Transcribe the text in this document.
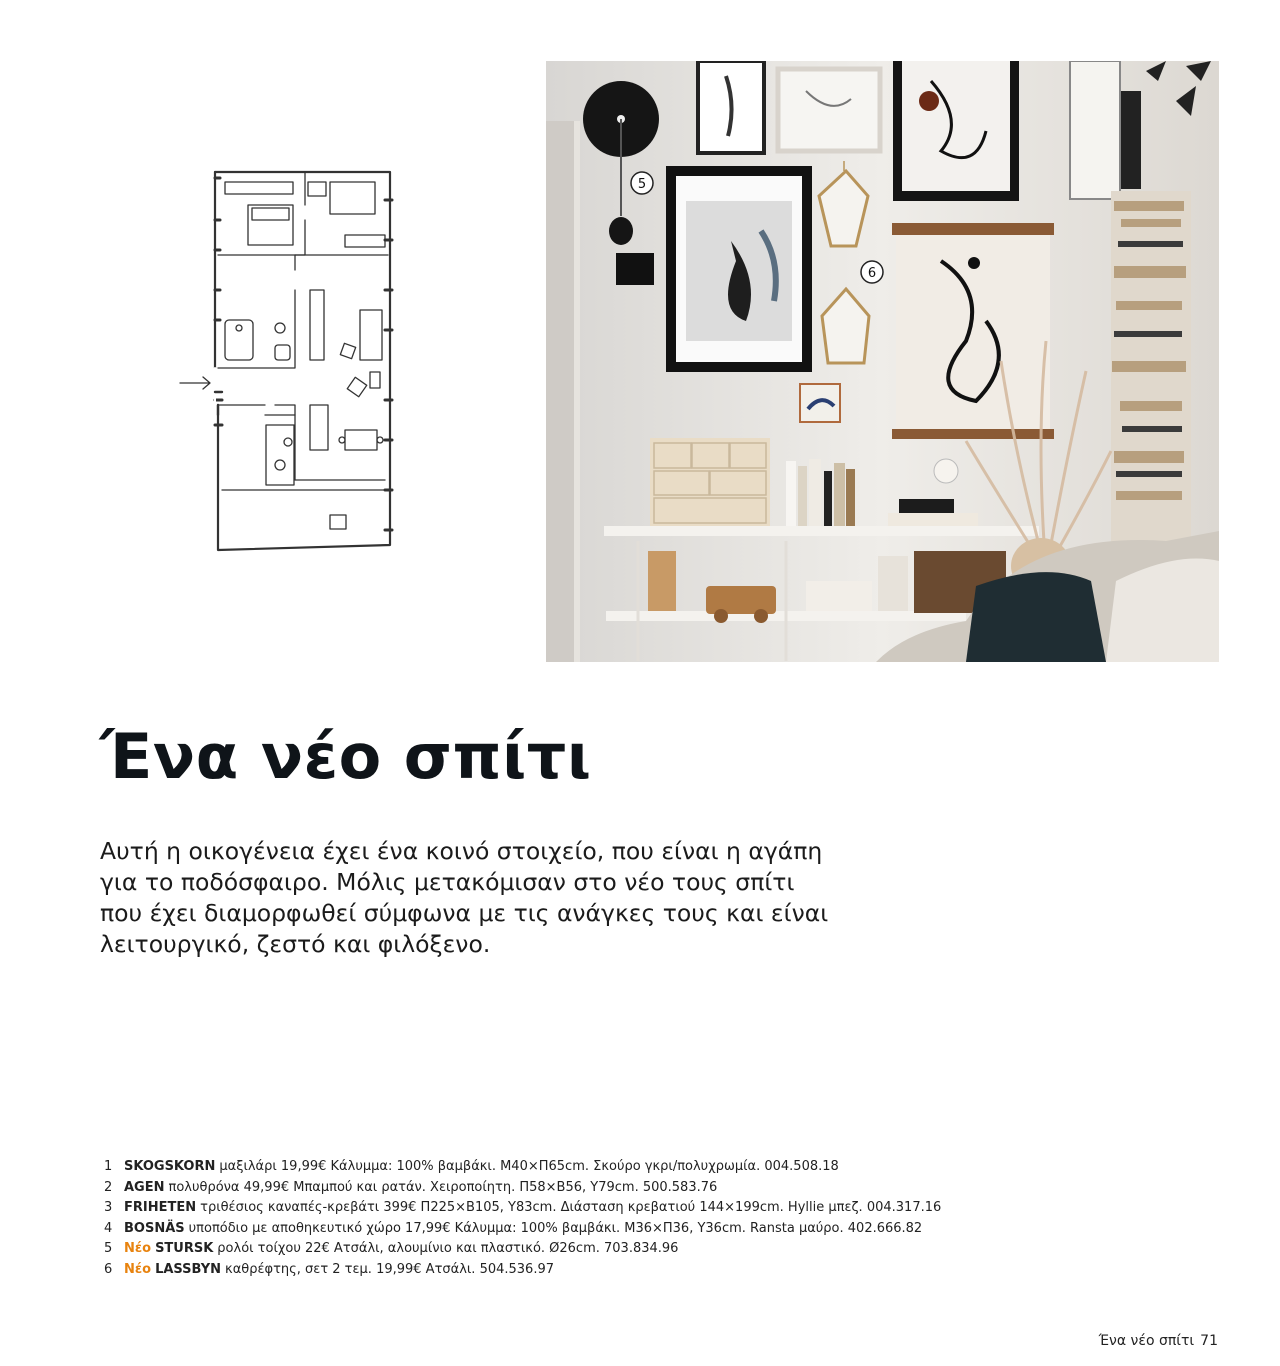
5
6
Ένα νέο σπίτι

Αυτή η οικογένεια έχει ένα κοινό στοιχείο, που είναι η αγάπη για το ποδόσφαιρο. Μόλις μετακόμισαν στο νέο τους σπίτι που έχει διαμορφωθεί σύμφωνα με τις ανάγκες τους και είναι λειτουργικό, ζεστό και φιλόξενο.

1 SKOGSKORN μαξιλάρι 19,99€ Κάλυμμα: 100% βαμβάκι. Μ40×Π65cm. Σκούρο γκρι/πολυχρωμία. 004.508.18
2 AGEN πολυθρόνα 49,99€ Μπαμπού και ρατάν. Χειροποίητη. Π58×Β56, Υ79cm. 500.583.76
3 FRIHETEN τριθέσιος καναπές-κρεβάτι 399€ Π225×Β105, Υ83cm. Διάσταση κρεβατιού 144×199cm. Hyllie μπεζ. 004.317.16
4 BOSNÄS υποπόδιο με αποθηκευτικό χώρο 17,99€ Κάλυμμα: 100% βαμβάκι. Μ36×Π36, Υ36cm. Ransta μαύρο. 402.666.82
5 Νέο STURSK ρολόι τοίχου 22€ Ατσάλι, αλουμίνιο και πλαστικό. Ø26cm. 703.834.96
6 Νέο LASSBYN καθρέφτης, σετ 2 τεμ. 19,99€ Ατσάλι. 504.536.97
Ένα νέο σπίτι 71
